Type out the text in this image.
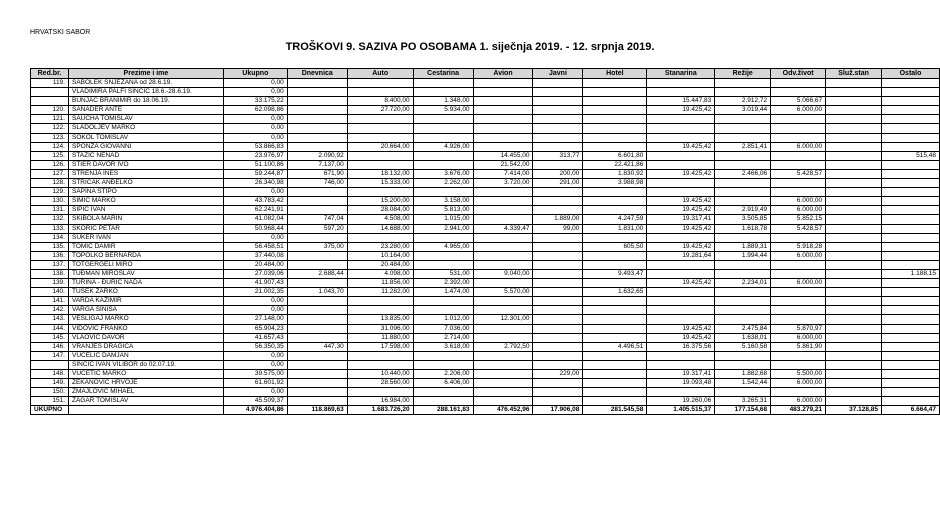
HRVATSKI SABOR
TROŠKOVI 9. SAZIVA PO OSOBAMA 1. siječnja 2019. - 12. srpnja 2019.
Red.br.	Prezime i ime	Ukupno	Dnevnica	Auto	Cestarina	Avion	Javni	Hotel	Stanarina	Režije	Odv.život	Služ.stan	Ostalo
119.	SABOLEK SNJEŽANA od 28.6.19.	0,00											
	VLADIMIRA PALFI SINČIĆ 18.6.-28.6.19.	0,00											
	BUNJAC BRANIMIR do 18.06.19.	33.175,22		8.400,00	1.348,00				15.447,83	2.912,72	5.066,67		
120.	SANADER ANTE	62.098,86		27.720,00	5.934,00				19.425,42	3.019,44	6.000,00		
121.	SAUCHA TOMISLAV	0,00											
122.	SLADOLJEV MARKO	0,00											
123.	SOKOL TOMISLAV	0,00											
124.	SPONZA GIOVANNI	53.866,83		20.664,00	4.926,00				19.425,42	2.851,41	6.000,00		
125.	STAZIĆ NENAD	23.976,97	2.090,92			14.455,00	313,77	6.601,80					515,48
126.	STIER DAVOR IVO	51.100,86	7.137,00			21.542,00		22.421,86					
127.	STRENJA INES	59.244,87	671,90	18.132,00	3.676,00	7.414,00	200,00	1.830,92	19.425,42	2.466,06	5.428,57		
128.	STRIČAK ANĐELKO	26.340,98	746,00	15.333,00	2.262,00	3.720,00	291,00	3.988,98					
129.	ŠAPINA STIPO	0,00											
130.	ŠIMIĆ MARKO	43.783,42		15.200,00	3.158,00				19.425,42		6.000,00		
131.	ŠIPIĆ IVAN	62.241,91		28.084,00	5.813,00				19.425,42	2.919,49	6.000,00		
132.	ŠKIBOLA MARIN	41.082,04	747,04	4.508,00	1.015,00		1.889,00	4.247,59	19.317,41	3.505,85	5.852,15		
133.	ŠKORIĆ PETAR	50.968,44	597,20	14.688,00	2.941,00	4.339,47	99,00	1.831,00	19.425,42	1.618,78	5.428,57		
134.	ŠUKER IVAN	0,00											
135.	TOMIĆ DAMIR	56.458,51	375,00	23.280,00	4.965,00			605,50	19.425,42	1.889,31	5.918,28		
136.	TOPOLKO BERNARDA	37.440,08		10.164,00					19.281,64	1.994,44	6.000,00		
137.	TOTGERGELI MIRO	20.484,00		20.484,00									
138.	TUĐMAN MIROSLAV	27.039,06	2.688,44	4.098,00	531,00	9.040,00		9.493,47					1.188,15
139.	TURINA - ĐURIĆ NADA	41.907,43		11.856,00	2.392,00				19.425,42	2.234,01	6.000,00		
140.	TUŠEK ŽARKO	21.002,35	1.043,70	11.282,00	1.474,00	5.570,00		1.632,65					
141.	VARDA KAŽIMIR	0,00											
142.	VARGA SINIŠA	0,00											
143.	VEŠLIGAJ MARKO	27.148,00		13.835,00	1.012,00	12.301,00							
144.	VIDOVIĆ FRANKO	65.904,23		31.096,00	7.036,00				19.425,42	2.475,84	5.870,97		
145.	VLAOVIĆ DAVOR	41.657,43		11.880,00	2.714,00				19.425,42	1.638,01	6.000,00		
146.	VRANJEŠ DRAGICA	56.350,35	447,30	17.598,00	3.618,00	2.792,50		4.496,51	16.375,56	5.160,58	5.861,90		
147.	VUCELIĆ DAMJAN	0,00											
	SINČIĆ IVAN VILIBOR do 02.07.19.	0,00											
148.	VUČETIĆ MARKO	39.575,00		10.440,00	2.206,00		229,00		19.317,41	1.882,68	5.500,00		
149.	ZEKANOVIĆ HRVOJE	61.601,92		28.560,00	6.406,00				19.093,48	1.542,44	6.000,00		
150.	ZMAJLOVIĆ MIHAEL	0,00											
151.	ŽAGAR TOMISLAV	45.509,37		16.984,00					19.260,06	3.265,31	6.000,00		
UKUPNO		4.976.404,86	118.869,63	1.683.726,20	288.161,83	476.452,96	17.906,08	281.545,58	1.405.515,37	177.154,68	483.279,21	37.128,85	6.664,47
